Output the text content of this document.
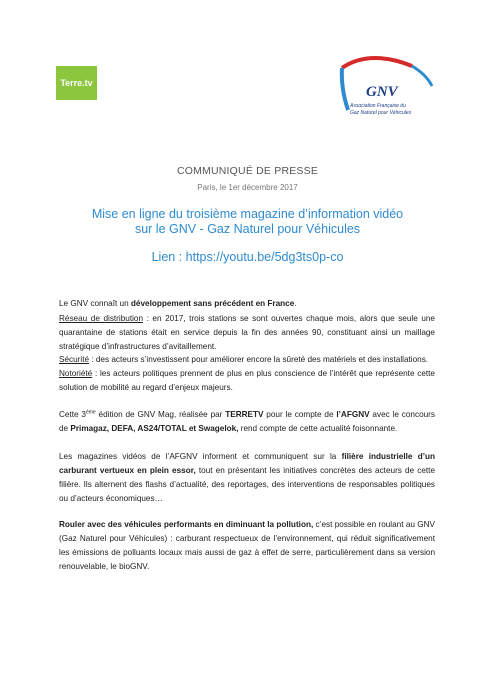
Terre.tv
GNV
Association Française du
Gaz Naturel pour Véhicules
COMMUNIQUÉ DE PRESSE
Paris, le 1er décembre 2017
Mise en ligne du troisième magazine d’information vidéo
sur le GNV - Gaz Naturel pour Véhicules
Lien : https://youtu.be/5dg3ts0p-co

Le GNV connaît un développement sans précédent en France.

Réseau de distribution : en 2017, trois stations se sont ouvertes chaque mois, alors que seule une quarantaine de stations était en service depuis la fin des années 90, constituant ainsi un maillage stratégique d’infrastructures d’avitaillement.

Sécurité : des acteurs s’investissent pour améliorer encore la sûreté des matériels et des installations.

Notoriété : les acteurs politiques prennent de plus en plus conscience de l’intérêt que représente cette solution de mobilité au regard d’enjeux majeurs.

Cette 3ème édition de GNV Mag, réalisée par TERRETV pour le compte de l’AFGNV avec le concours de Primagaz, DEFA, AS24/TOTAL et Swagelok, rend compte de cette actualité foisonnante.

Les magazines vidéos de l’AFGNV informent et communiquent sur la filière industrielle d’un carburant vertueux en plein essor, tout en présentant les initiatives concrètes des acteurs de cette filière. Ils alternent des flashs d’actualité, des reportages, des interventions de responsables politiques ou d’acteurs économiques…

Rouler avec des véhicules performants en diminuant la pollution, c’est possible en roulant au GNV (Gaz Naturel pour Véhicules) : carburant respectueux de l’environnement, qui réduit significativement les émissions de polluants locaux mais aussi de gaz à effet de serre, particulièrement dans sa version renouvelable, le bioGNV.
